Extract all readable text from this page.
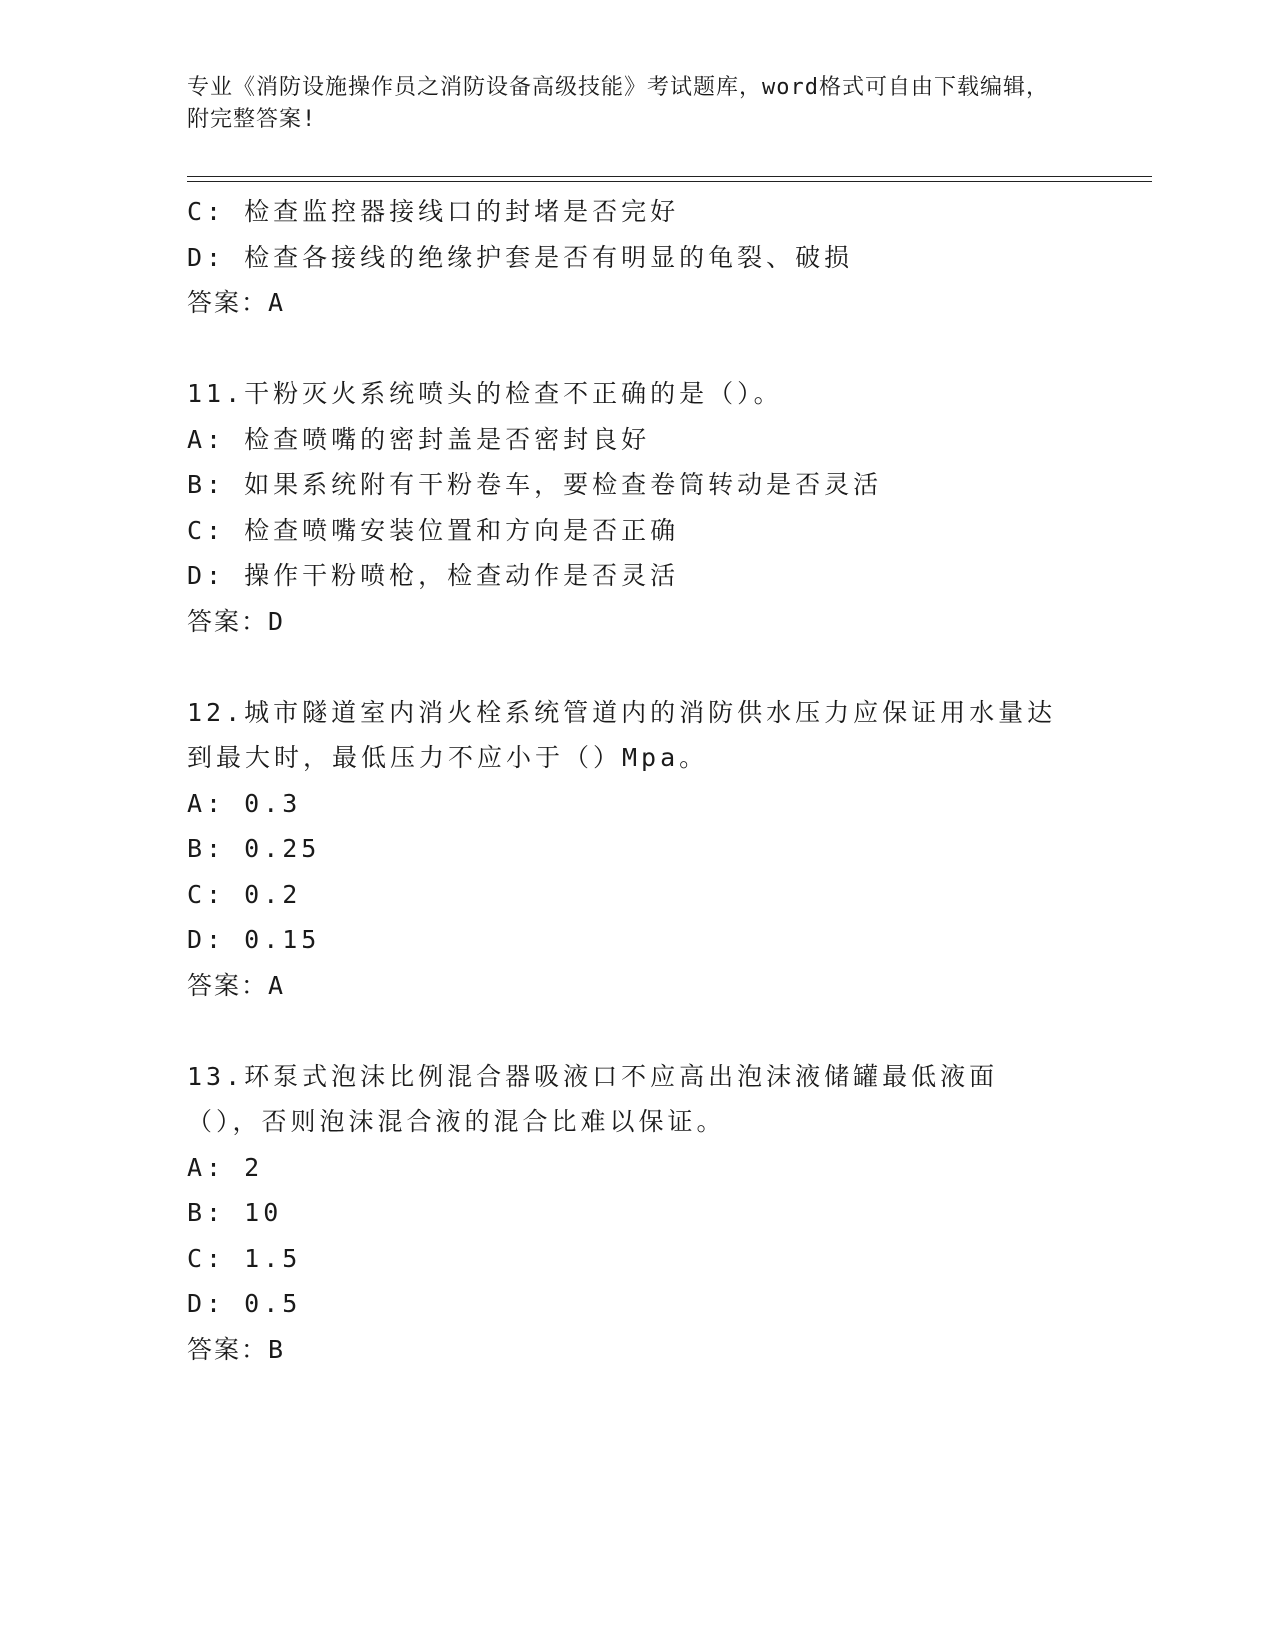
专业《消防设施操作员之消防设备高级技能》考试题库，word格式可自由下载编辑，附完整答案!
C: 检查监控器接线口的封堵是否完好
D: 检查各接线的绝缘护套是否有明显的龟裂、破损
答案：A
11.干粉灭火系统喷头的检查不正确的是（）。
A: 检查喷嘴的密封盖是否密封良好
B: 如果系统附有干粉卷车，要检查卷筒转动是否灵活
C: 检查喷嘴安装位置和方向是否正确
D: 操作干粉喷枪，检查动作是否灵活
答案：D
12.城市隧道室内消火栓系统管道内的消防供水压力应保证用水量达到最大时，最低压力不应小于（）Mpa。
A: 0.3
B: 0.25
C: 0.2
D: 0.15
答案：A
13.环泵式泡沫比例混合器吸液口不应高出泡沫液储罐最低液面（），否则泡沫混合液的混合比难以保证。
A: 2
B: 10
C: 1.5
D: 0.5
答案：B
